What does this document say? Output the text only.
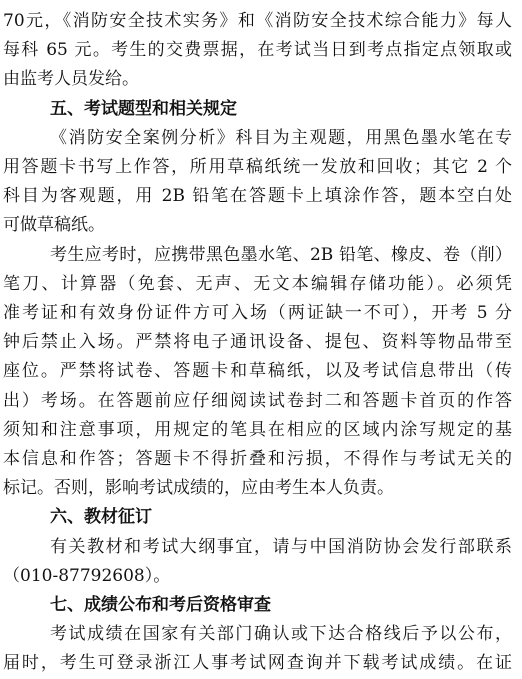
70元，《消防安全技术实务》和《消防安全技术综合能力》每人
每科 65 元。考生的交费票据，在考试当日到考点指定点领取或
由监考人员发给。
五、考试题型和相关规定
《消防安全案例分析》科目为主观题，用黑色墨水笔在专
用答题卡书写上作答，所用草稿纸统一发放和回收；其它 2 个
科目为客观题，用 2B 铅笔在答题卡上填涂作答，题本空白处
可做草稿纸。
考生应考时，应携带黑色墨水笔、2B 铅笔、橡皮、卷（削）
笔刀、计算器（免套、无声、无文本编辑存储功能）。必须凭
准考证和有效身份证件方可入场（两证缺一不可），开考 5 分
钟后禁止入场。严禁将电子通讯设备、提包、资料等物品带至
座位。严禁将试卷、答题卡和草稿纸，以及考试信息带出（传
出）考场。在答题前应仔细阅读试卷封二和答题卡首页的作答
须知和注意事项，用规定的笔具在相应的区域内涂写规定的基
本信息和作答；答题卡不得折叠和污损，不得作与考试无关的
标记。否则，影响考试成绩的，应由考生本人负责。
六、教材征订
有关教材和考试大纲事宜，请与中国消防协会发行部联系
（010-87792608）。
七、成绩公布和考后资格审查
考试成绩在国家有关部门确认或下达合格线后予以公布，
届时，考生可登录浙江人事考试网查询并下载考试成绩。在证
